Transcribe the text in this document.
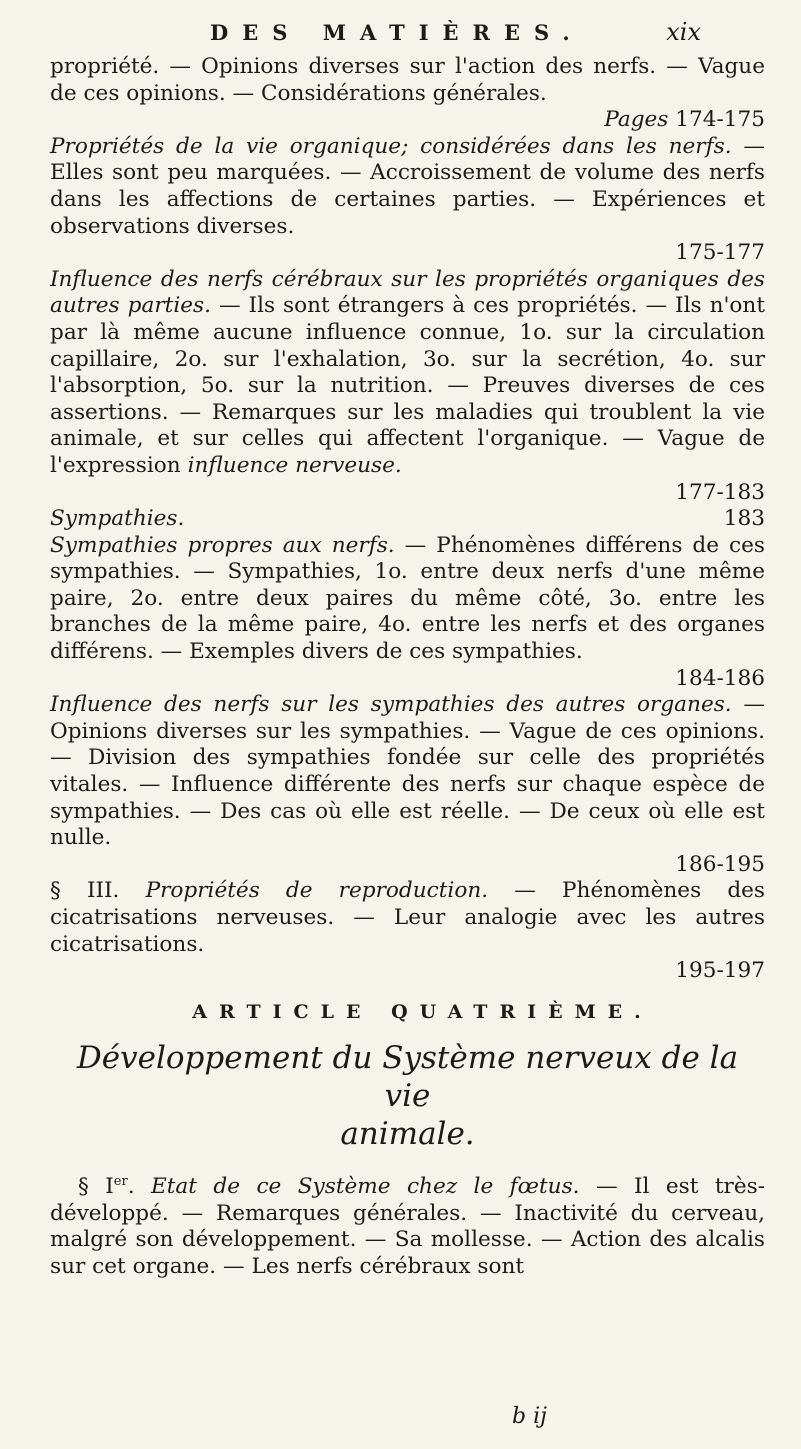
DES MATIÈRES.	xix

propriété. — Opinions diverses sur l'action des nerfs. — Vague de ces opinions. — Considérations générales.
Pages 174-175

Propriétés de la vie organique; considérées dans les nerfs. — Elles sont peu marquées. — Accroissement de volume des nerfs dans les affections de certaines parties. — Expériences et observations diverses.
175-177

Influence des nerfs cérébraux sur les propriétés organiques des autres parties. — Ils sont étrangers à ces propriétés. — Ils n'ont par là même aucune influence connue, 1o. sur la circulation capillaire, 2o. sur l'exhalation, 3o. sur la secrétion, 4o. sur l'absorption, 5o. sur la nutrition. — Preuves diverses de ces assertions. — Remarques sur les maladies qui troublent la vie animale, et sur celles qui affectent l'organique. — Vague de l'expression influence nerveuse.
177-183

Sympathies.	183

Sympathies propres aux nerfs. — Phénomènes différens de ces sympathies. — Sympathies, 1o. entre deux nerfs d'une même paire, 2o. entre deux paires du même côté, 3o. entre les branches de la même paire, 4o. entre les nerfs et des organes différens. — Exemples divers de ces sympathies.
184-186

Influence des nerfs sur les sympathies des autres organes. — Opinions diverses sur les sympathies. — Vague de ces opinions. — Division des sympathies fondée sur celle des propriétés vitales. — Influence différente des nerfs sur chaque espèce de sympathies. — Des cas où elle est réelle. — De ceux où elle est nulle.
186-195

§ III. Propriétés de reproduction. — Phénomènes des cicatrisations nerveuses. — Leur analogie avec les autres cicatrisations.
195-197

ARTICLE QUATRIÈME.

Développement du Système nerveux de la vie

animale.

§ Ier. Etat de ce Système chez le fœtus. — Il est très-développé. — Remarques générales. — Inactivité du cerveau, malgré son développement. — Sa mollesse. — Action des alcalis sur cet organe. — Les nerfs cérébraux sont

b ij
